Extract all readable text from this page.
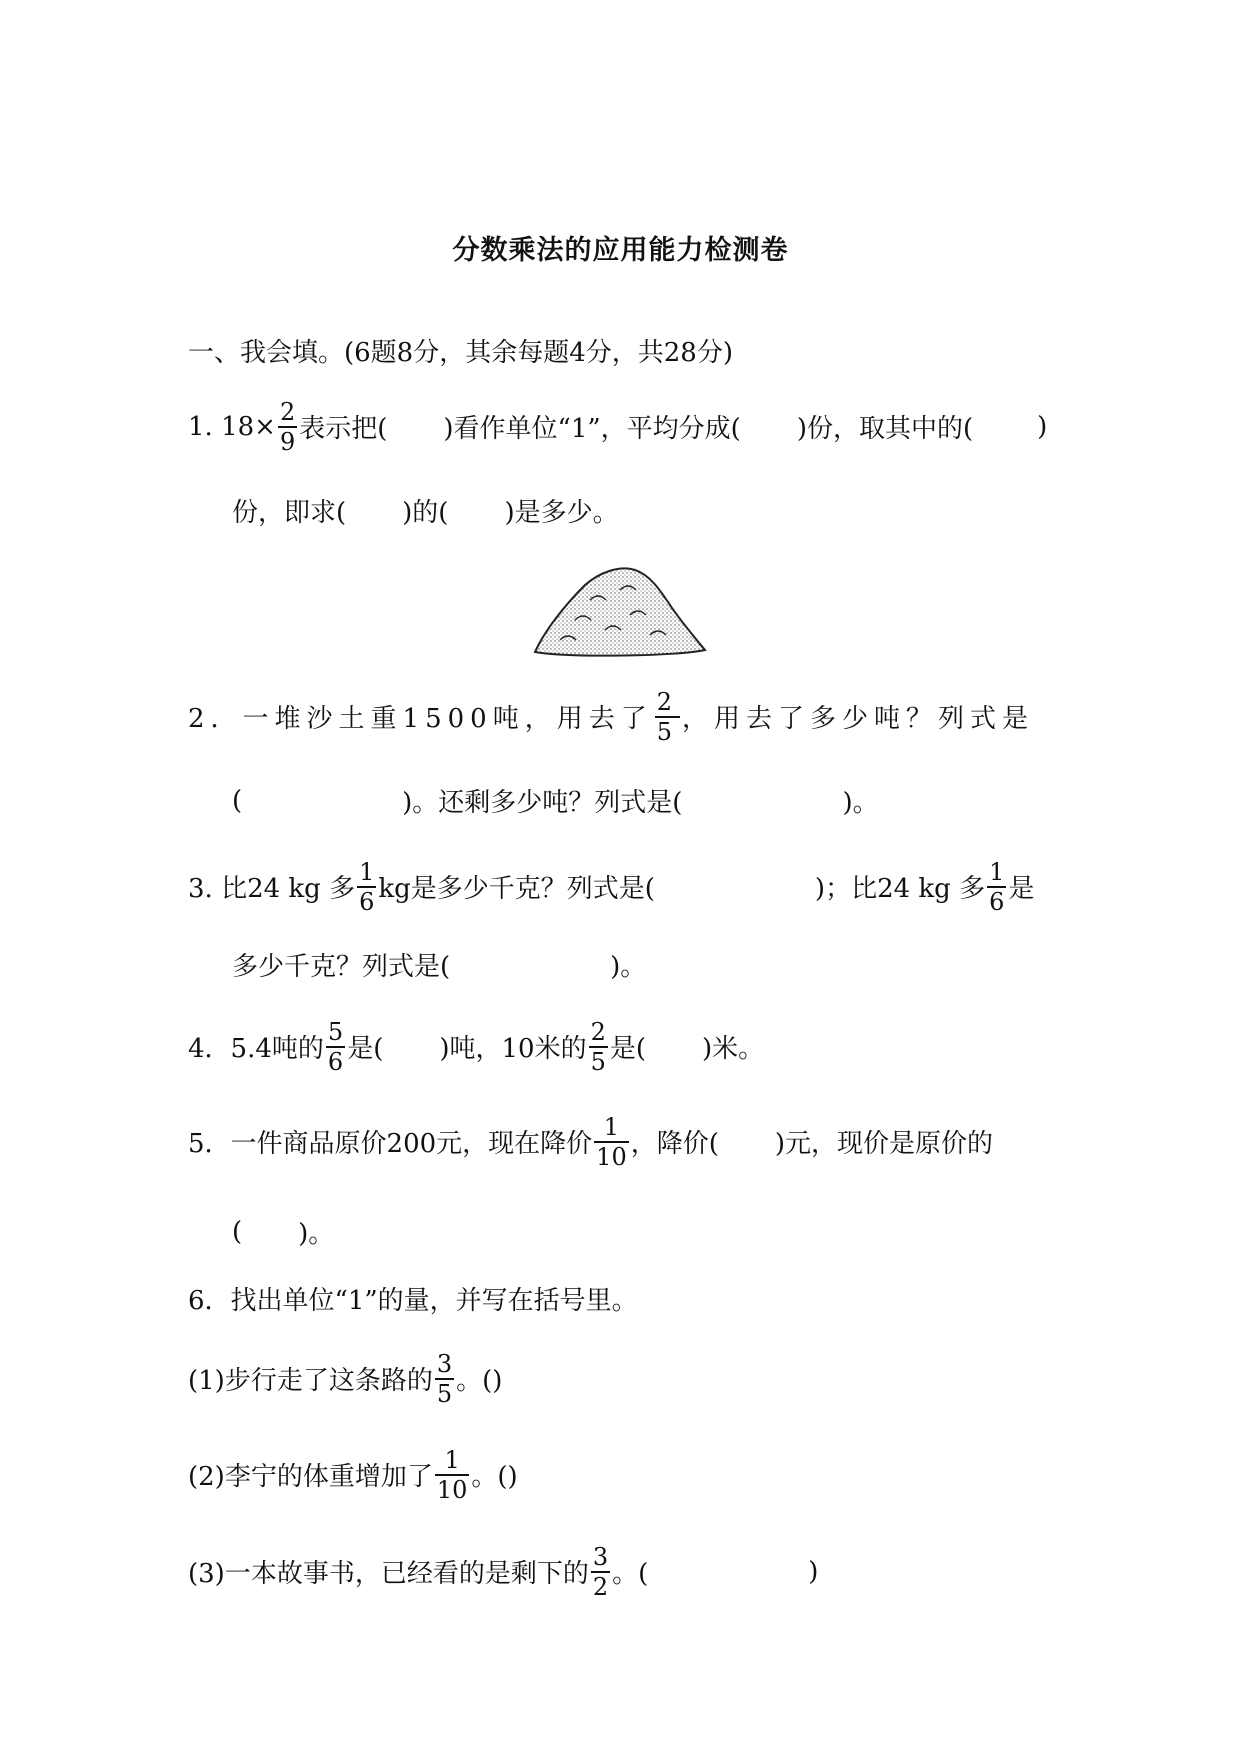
分数乘法的应用能力检测卷
一、我会填。(6题8分，其余每题4分，共28分)
1. $18\times \frac{2}{9}$ 表示把( )看作单位“1”，平均分成( )份，取其中的( )
份，即求( )的( )是多少。
2．一堆沙土重1500吨，用去了 $\frac{2}{5}$ ，用去了多少吨？列式是
(	)。还剩多少吨？列式是(	)。
3. 比24 kg 多 $\frac{1}{6}$ kg是多少千克？列式是(	)；比24 kg 多 $\frac{1}{6}$ 是
多少千克？列式是(	)。
4．5.4吨的 $\frac{5}{6}$ 是( )吨，10米的 $\frac{2}{5}$ 是( )米。
5．一件商品原价200元，现在降价 $\frac{1}{10}$ ，降价( )元，现价是原价的
( )。
6．找出单位“1”的量，并写在括号里。
(1)步行走了这条路的 $\frac{3}{5}$ 。()
(2)李宁的体重增加了 $\frac{1}{10}$ 。()
(3)一本故事书，已经看的是剩下的 $\frac{3}{2}$ 。(	)
